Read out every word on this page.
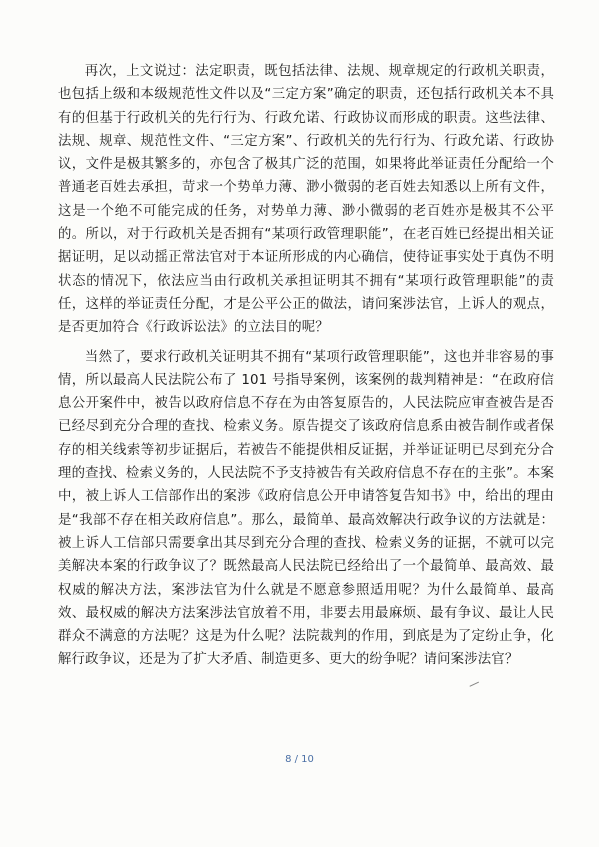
再次，上文说过：法定职责，既包括法律、法规、规章规定的行政机关职责，也包括上级和本级规范性文件以及“三定方案”确定的职责，还包括行政机关本不具有的但基于行政机关的先行行为、行政允诺、行政协议而形成的职责。这些法律、法规、规章、规范性文件、“三定方案”、行政机关的先行行为、行政允诺、行政协议，文件是极其繁多的，亦包含了极其广泛的范围，如果将此举证责任分配给一个普通老百姓去承担，苛求一个势单力薄、渺小微弱的老百姓去知悉以上所有文件，这是一个绝不可能完成的任务，对势单力薄、渺小微弱的老百姓亦是极其不公平的。所以，对于行政机关是否拥有“某项行政管理职能”，在老百姓已经提出相关证据证明，足以动摇正常法官对于本证所形成的内心确信，使待证事实处于真伪不明状态的情况下，依法应当由行政机关承担证明其不拥有“某项行政管理职能”的责任，这样的举证责任分配，才是公平公正的做法，请问案涉法官，上诉人的观点，是否更加符合《行政诉讼法》的立法目的呢？

当然了，要求行政机关证明其不拥有“某项行政管理职能”，这也并非容易的事情，所以最高人民法院公布了 101 号指导案例，该案例的裁判精神是：“在政府信息公开案件中，被告以政府信息不存在为由答复原告的，人民法院应审查被告是否已经尽到充分合理的查找、检索义务。原告提交了该政府信息系由被告制作或者保存的相关线索等初步证据后，若被告不能提供相反证据，并举证证明已尽到充分合理的查找、检索义务的，人民法院不予支持被告有关政府信息不存在的主张”。本案中，被上诉人工信部作出的案涉《政府信息公开申请答复告知书》中，给出的理由是“我部不存在相关政府信息”。那么，最简单、最高效解决行政争议的方法就是：被上诉人工信部只需要拿出其尽到充分合理的查找、检索义务的证据，不就可以完美解决本案的行政争议了？既然最高人民法院已经给出了一个最简单、最高效、最权威的解决方法，案涉法官为什么就是不愿意参照适用呢？为什么最简单、最高效、最权威的解决方法案涉法官放着不用，非要去用最麻烦、最有争议、最让人民群众不满意的方法呢？这是为什么呢？法院裁判的作用，到底是为了定纷止争，化解行政争议，还是为了扩大矛盾、制造更多、更大的纷争呢？请问案涉法官？

8 / 10
